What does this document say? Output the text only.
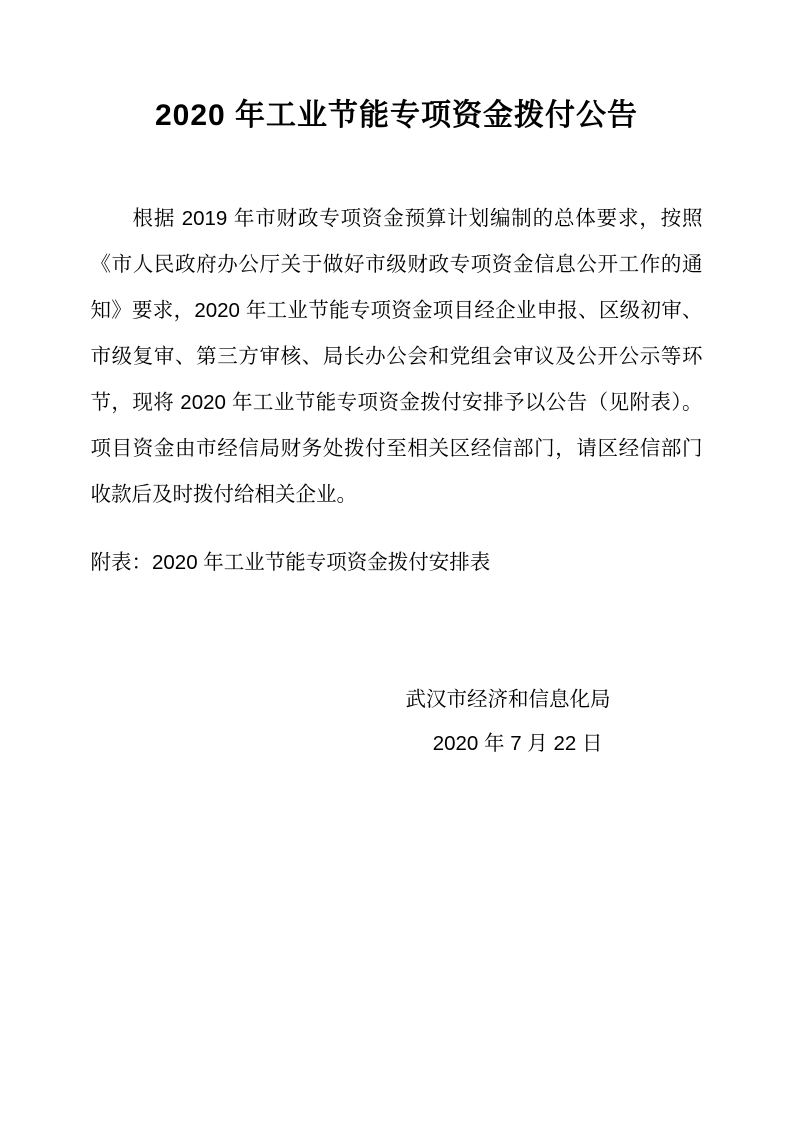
2020 年工业节能专项资金拨付公告

根据 2019 年市财政专项资金预算计划编制的总体要求，按照《市人民政府办公厅关于做好市级财政专项资金信息公开工作的通知》要求，2020 年工业节能专项资金项目经企业申报、区级初审、市级复审、第三方审核、局长办公会和党组会审议及公开公示等环节，现将 2020 年工业节能专项资金拨付安排予以公告（见附表）。项目资金由市经信局财务处拨付至相关区经信部门，请区经信部门收款后及时拨付给相关企业。

附表：2020 年工业节能专项资金拨付安排表

武汉市经济和信息化局

2020 年 7 月 22 日
